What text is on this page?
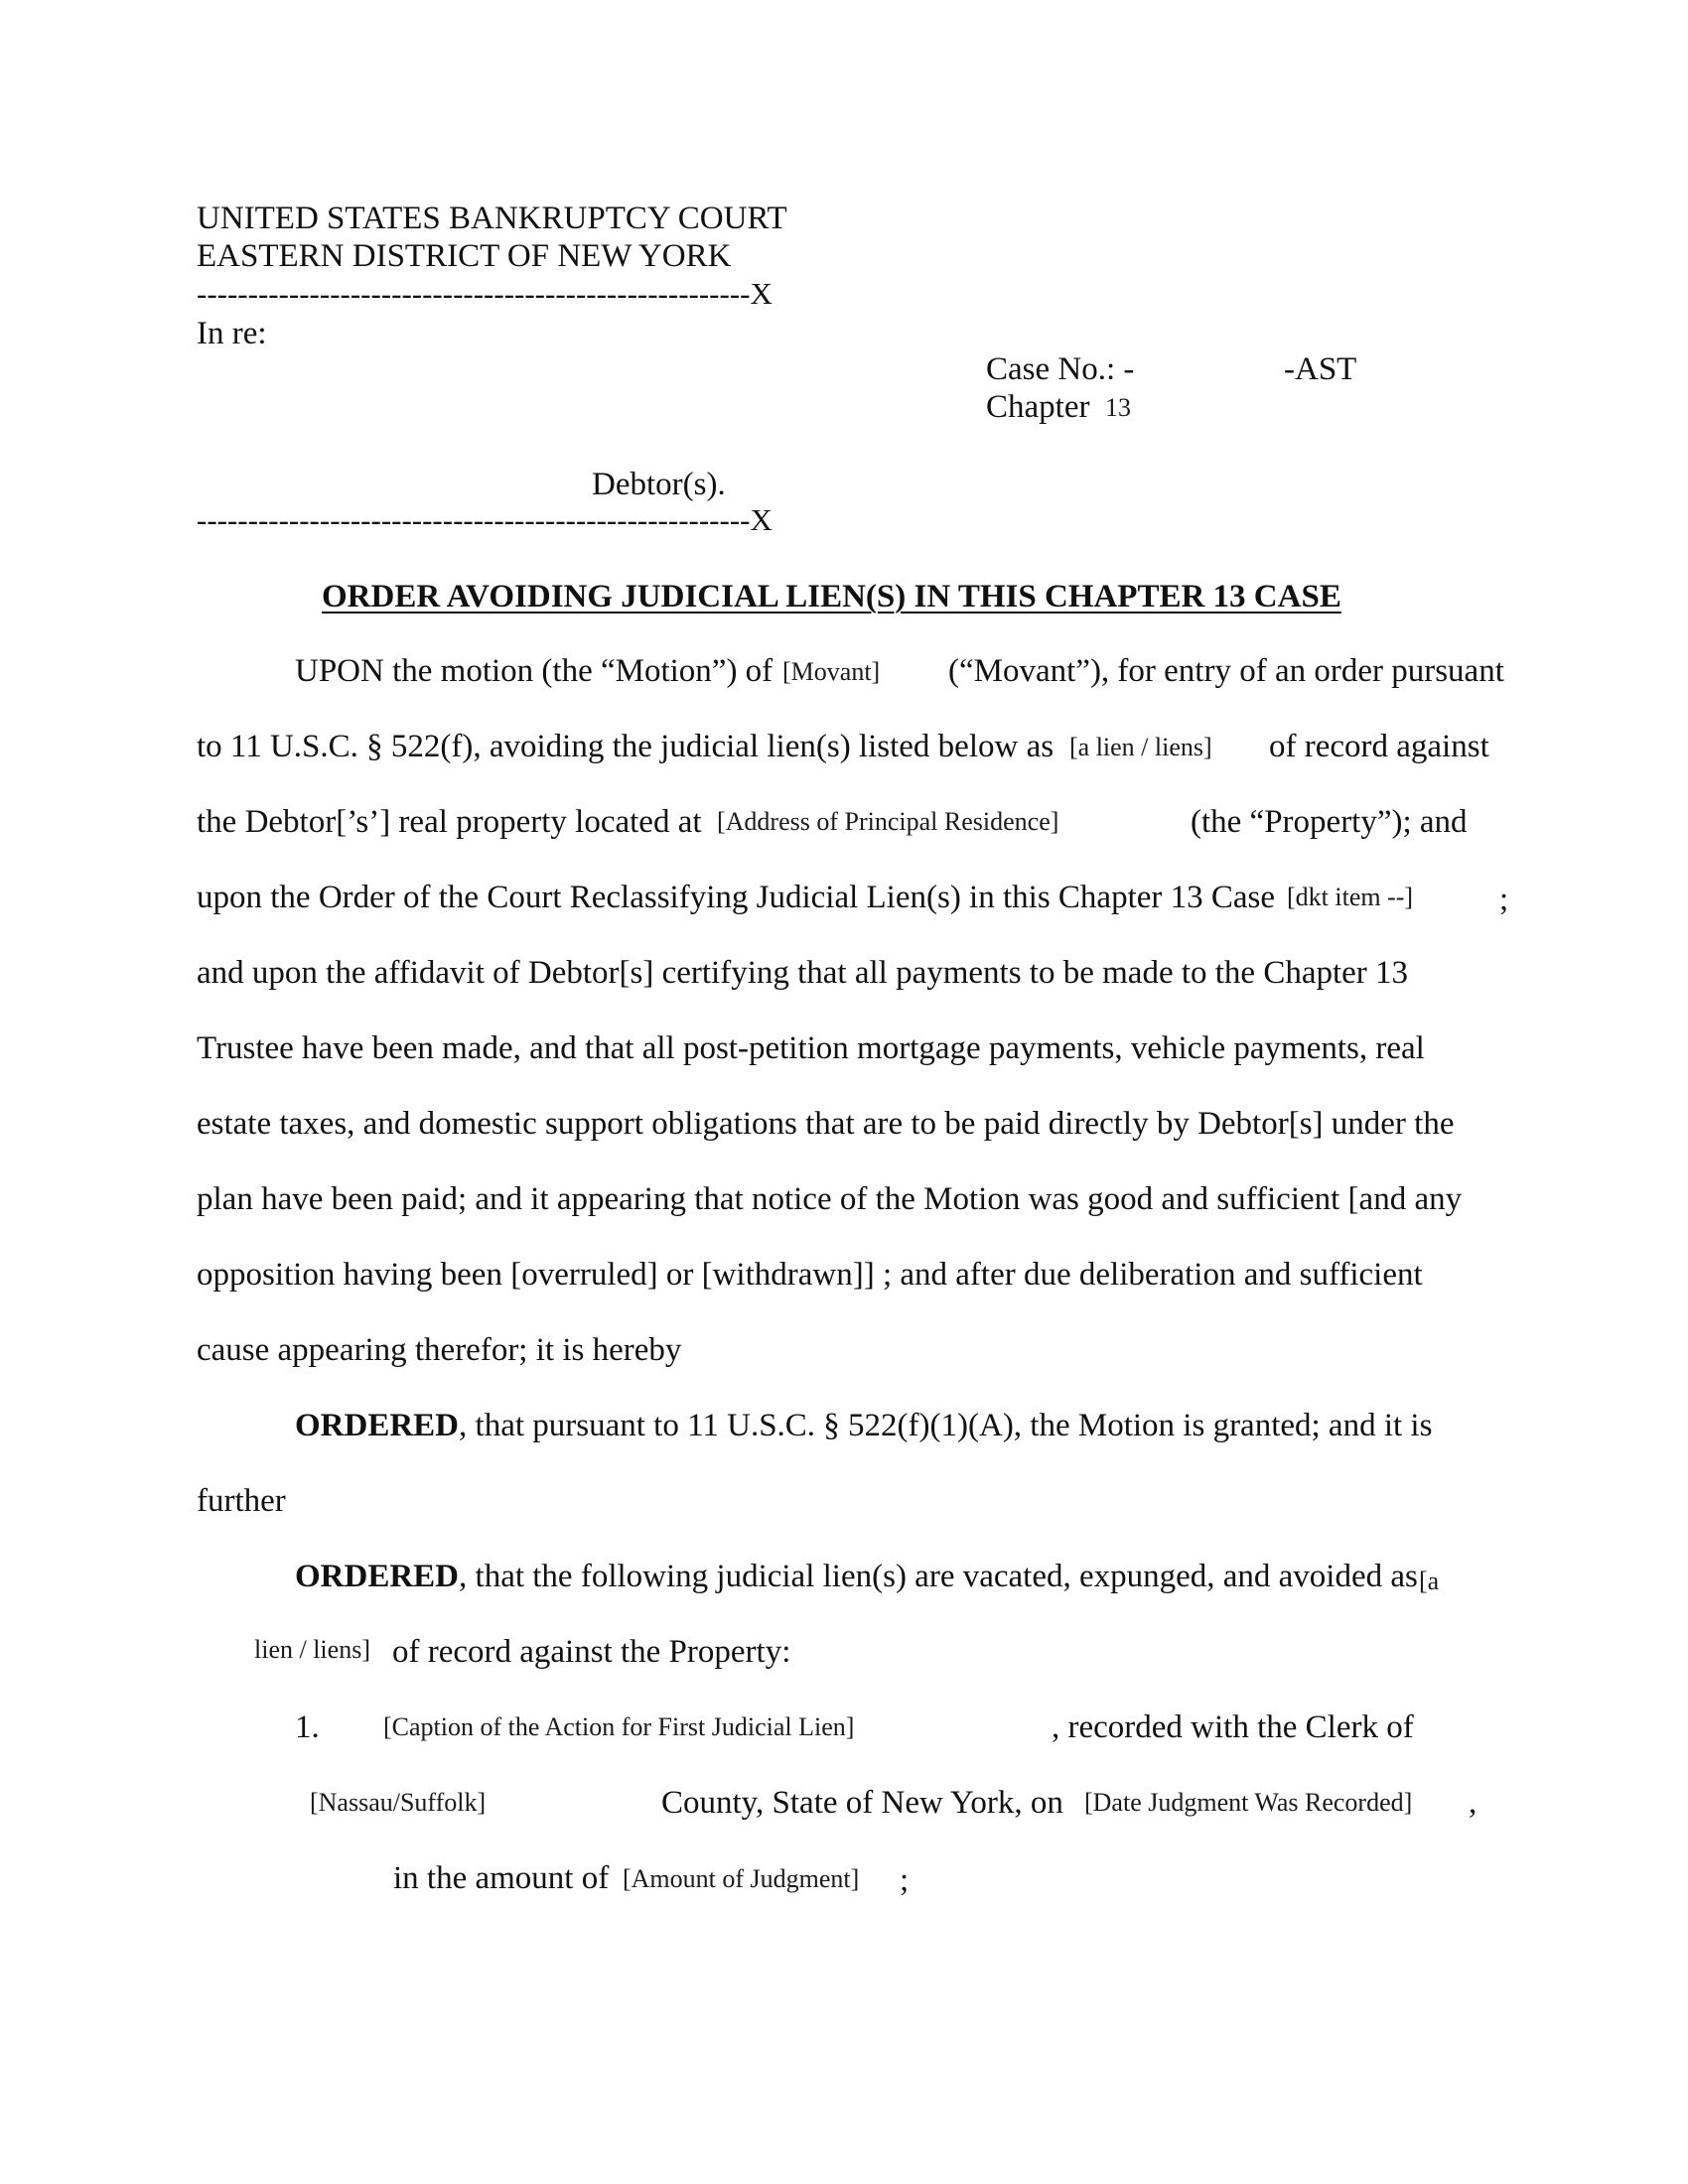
UNITED STATES BANKRUPTCY COURT
EASTERN DISTRICT OF NEW YORK
------------------------------------------------------X
In re:
Case No.: -	-AST
Chapter 13
Debtor(s).
------------------------------------------------------X
ORDER AVOIDING JUDICIAL LIEN(S) IN THIS CHAPTER 13 CASE
UPON the motion (the “Motion”) of [Movant] (“Movant”), for entry of an order pursuant
to 11 U.S.C. § 522(f), avoiding the judicial lien(s) listed below as [a lien / liens] of record against
the Debtor[’s’] real property located at [Address of Principal Residence]	(the “Property”); and
upon the Order of the Court Reclassifying Judicial Lien(s) in this Chapter 13 Case [dkt item --]	;
and upon the affidavit of Debtor[s] certifying that all payments to be made to the Chapter 13
Trustee have been made, and that all post-petition mortgage payments, vehicle payments, real
estate taxes, and domestic support obligations that are to be paid directly by Debtor[s] under the
plan have been paid; and it appearing that notice of the Motion was good and sufficient [and any
opposition having been [overruled] or [withdrawn]] ; and after due deliberation and sufficient
cause appearing therefor; it is hereby
ORDERED, that pursuant to 11 U.S.C. § 522(f)(1)(A), the Motion is granted; and it is
further
ORDERED, that the following judicial lien(s) are vacated, expunged, and avoided as [a
lien / liens] of record against the Property:
1. [Caption of the Action for First Judicial Lien]	, recorded with the Clerk of
[Nassau/Suffolk]	County, State of New York, on [Date Judgment Was Recorded] ,
in the amount of [Amount of Judgment] ;
